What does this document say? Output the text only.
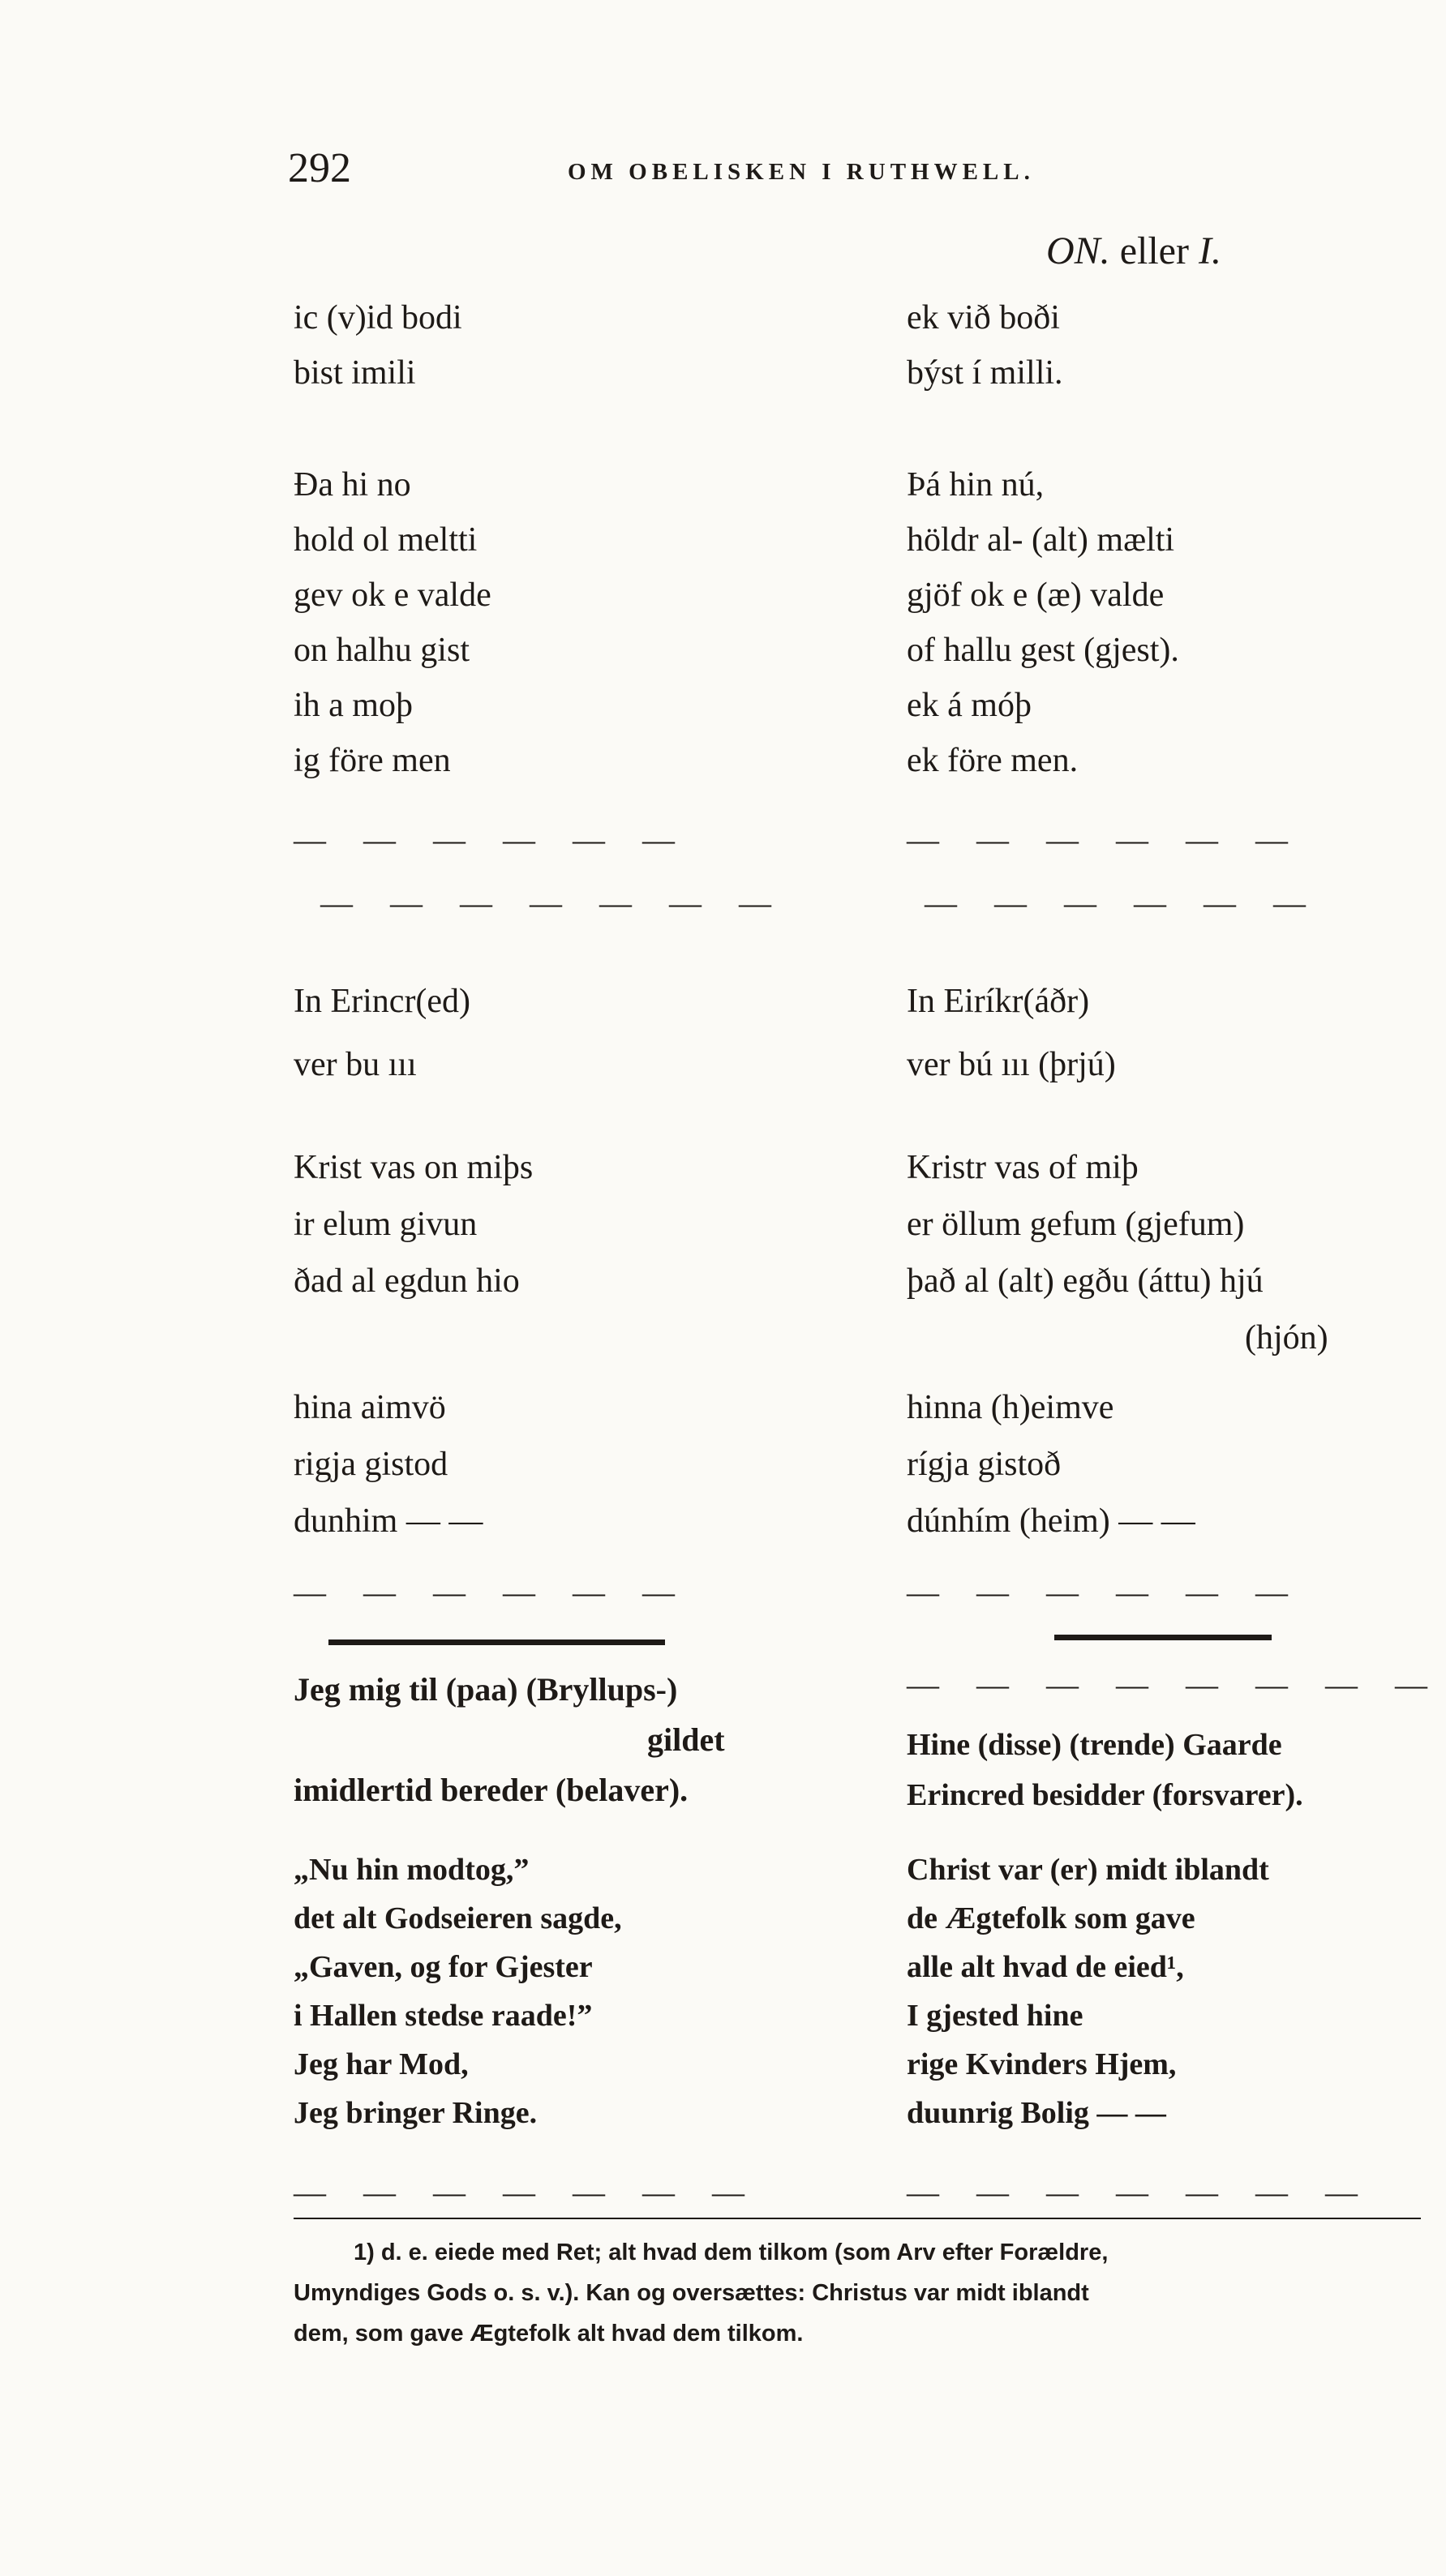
292	OM OBELISKEN I RUTHWELL.
ON. eller I.
ic (v)id bodi
bist imili
ek við boði
býst í milli.
Ða hi no
hold ol meltti
gev ok e valde
on halhu gist
ih a moþ
ig före men
Þá hin nú,
höldr al- (alt) mælti
gjöf ok e (æ) valde
of hallu gest (gjest).
ek á móþ
ek före men.
— — — — — —	— — — — — —
— — — — — — —	— — — — — —
In Erincr(ed)
ver bu ııı
In Eiríkr(áðr)
ver bú ııı (þrjú)
Krist vas on miþs
ir elum givun
ðad al egdun hio
Kristr vas of miþ
er öllum gefum (gjefum)
það al (alt) egðu (áttu) hjú
(hjón)
hina aimvö
rigja gistod
dunhim — —
hinna (h)eimve
rígja gistoð
dúnhím (heim) — —
— — — — — —	— — — — — —
Jeg mig til (paa) (Bryllups-)
gildet
imidlertid bereder (belaver).
„Nu hin modtog,”
det alt Godseieren sagde,
„Gaven, og for Gjester
i Hallen stedse raade!”
Jeg har Mod,
Jeg bringer Ringe.
— — — — — — — —
Hine (disse) (trende) Gaarde
Erincred besidder (forsvarer).
Christ var (er) midt iblandt
de Ægtefolk som gave
alle alt hvad de eied¹,
I gjested hine
rige Kvinders Hjem,
duunrig Bolig — —
— — — — — — —	— — — — — — —
1) d. e. eiede med Ret; alt hvad dem tilkom (som Arv efter Forældre,
Umyndiges Gods o. s. v.). Kan og oversættes: Christus var midt iblandt
dem, som gave Ægtefolk alt hvad dem tilkom.
